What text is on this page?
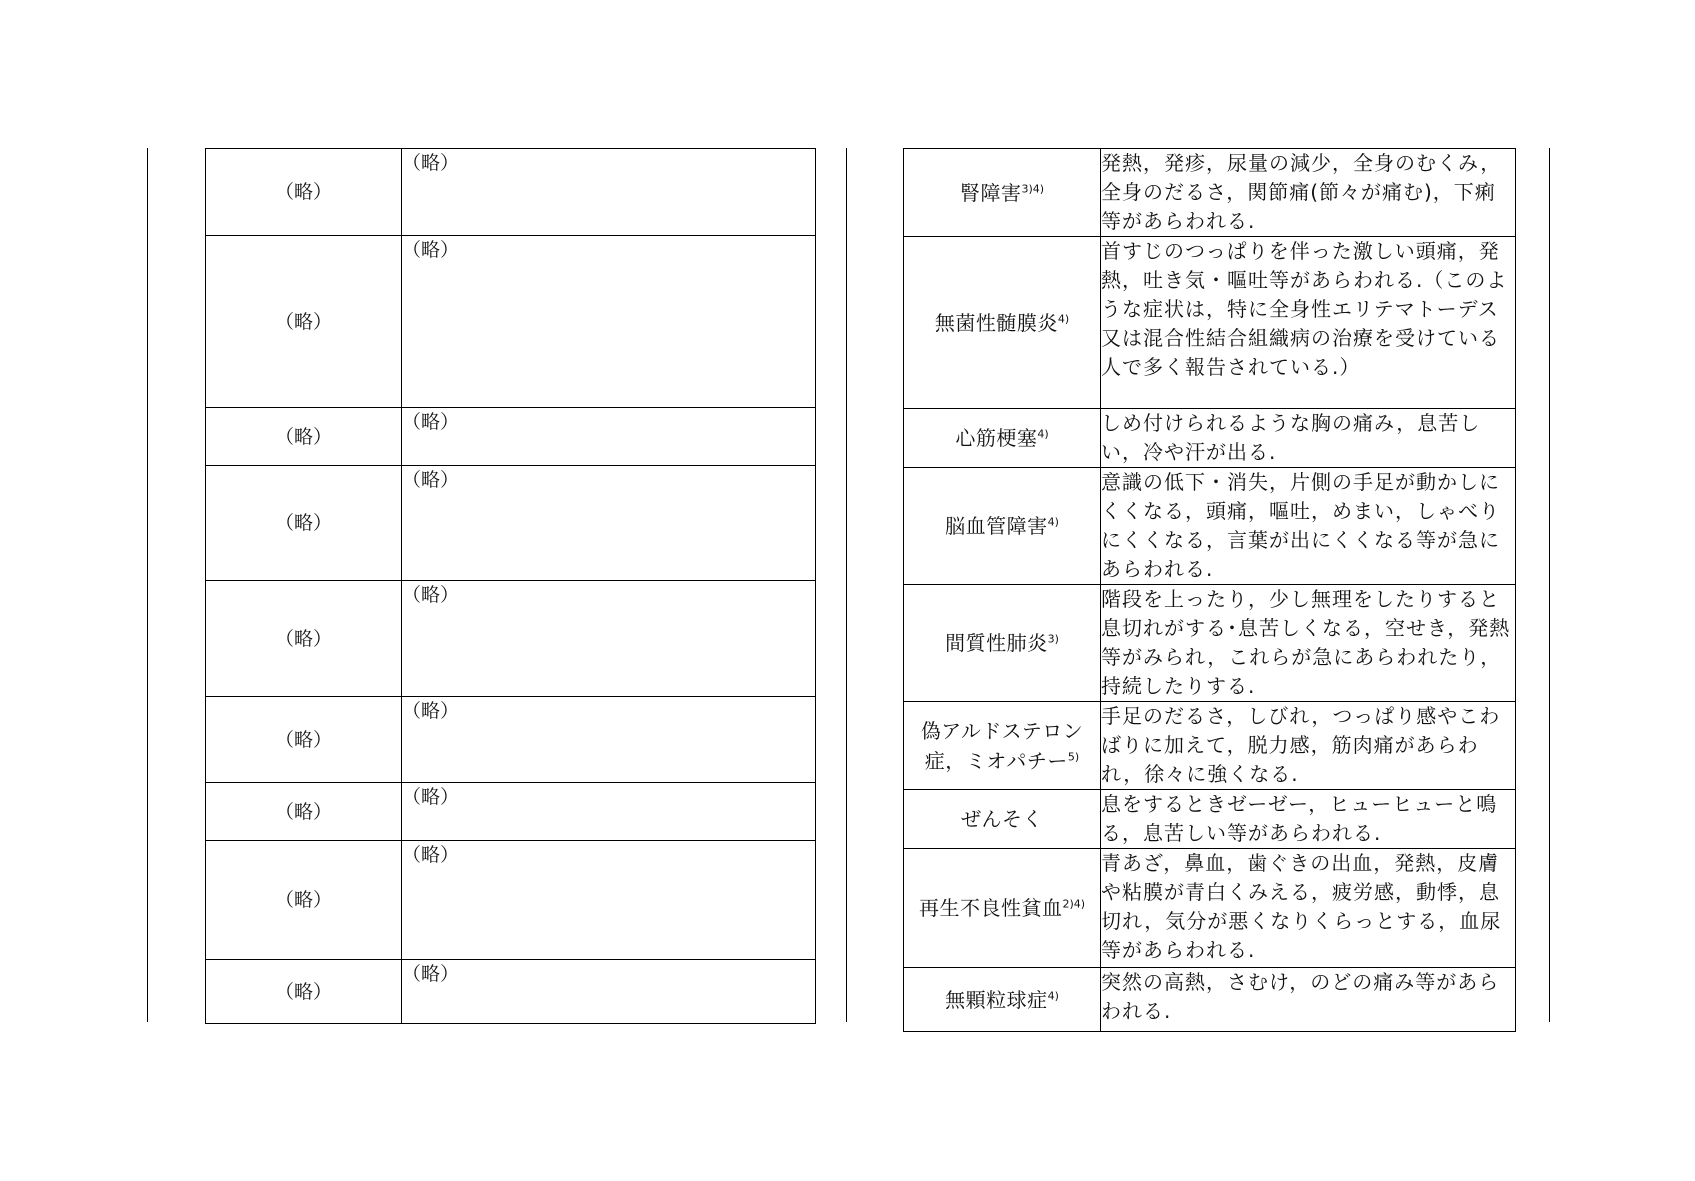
（略）	（略）
（略）	（略）
（略）	（略）
（略）	（略）
（略）	（略）
（略）	（略）
（略）	（略）
（略）	（略）
（略）	（略）
腎障害$^{3)4)}$	発熱，発疹，尿量の減少，全身のむくみ，全身のだるさ，関節痛(節々が痛む)，下痢等があらわれる.
無菌性髄膜炎$^{4)}$	首すじのつっぱりを伴った激しい頭痛，発熱，吐き気・嘔吐等があらわれる.（このような症状は，特に全身性エリテマトーデス又は混合性結合組織病の治療を受けている人で多く報告されている.）
心筋梗塞$^{4)}$	しめ付けられるような胸の痛み，息苦しい，冷や汗が出る.
脳血管障害$^{4)}$	意識の低下・消失，片側の手足が動かしにくくなる，頭痛，嘔吐，めまい，しゃべりにくくなる，言葉が出にくくなる等が急にあらわれる.
間質性肺炎$^{3)}$	階段を上ったり，少し無理をしたりすると息切れがする･息苦しくなる，空せき，発熱等がみられ，これらが急にあらわれたり，持続したりする.
偽アルドステロン症，ミオパチー$^{5)}$	手足のだるさ，しびれ，つっぱり感やこわばりに加えて，脱力感，筋肉痛があらわれ，徐々に強くなる.
ぜんそく	息をするときゼーゼー，ヒューヒューと鳴る，息苦しい等があらわれる.
再生不良性貧血$^{2)4)}$	青あざ，鼻血，歯ぐきの出血，発熱，皮膚や粘膜が青白くみえる，疲労感，動悸，息切れ，気分が悪くなりくらっとする，血尿等があらわれる.
無顆粒球症$^{4)}$	突然の高熱，さむけ，のどの痛み等があらわれる.
